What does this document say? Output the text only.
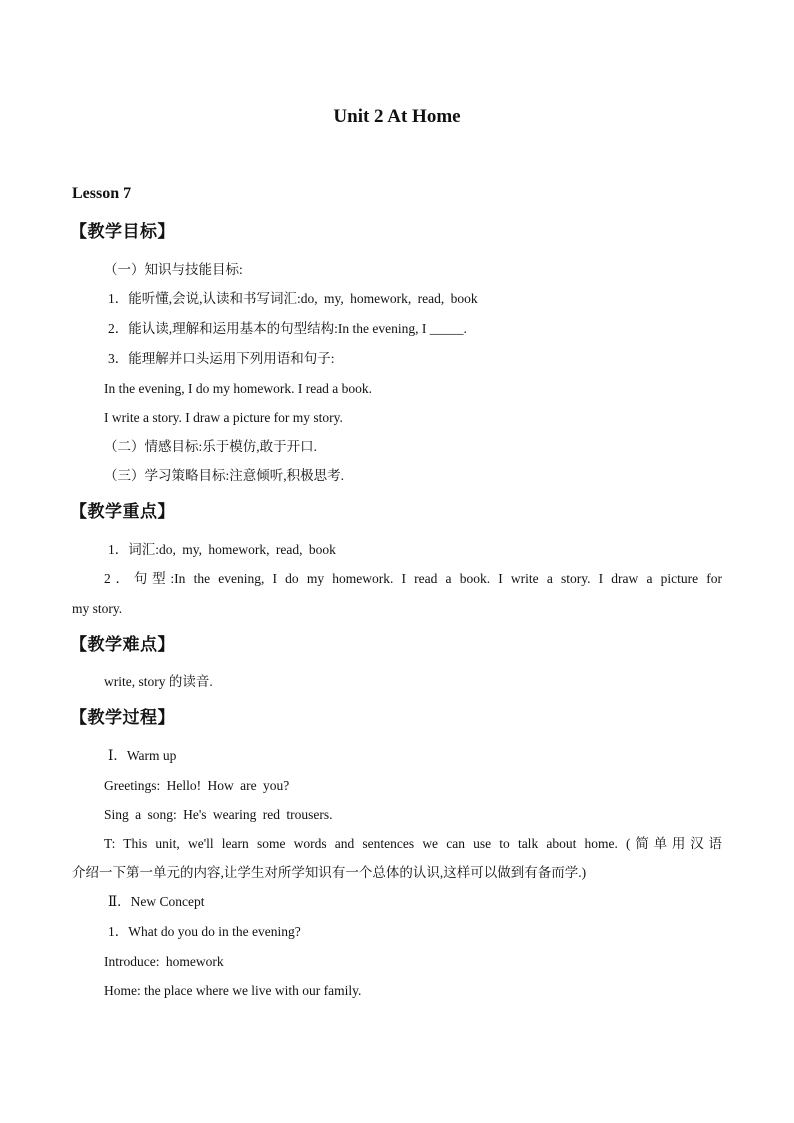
Unit 2 At Home
Lesson 7
【教学目标】
（一）知识与技能目标:
1．能听懂,会说,认读和书写词汇:do, my, homework, read, book
2．能认读,理解和运用基本的句型结构:In the evening, I _____.
3．能理解并口头运用下列用语和句子:
In the evening, I do my homework. I read a book.
I write a story. I draw a picture for my story.
（二）情感目标:乐于模仿,敢于开口.
（三）学习策略目标:注意倾听,积极思考.
【教学重点】
1．词汇:do, my, homework, read, book
2．句型:In the evening, I do my homework. I read a book. I write a story. I draw a picture for
my story.
【教学难点】
write, story 的读音.
【教学过程】
Ⅰ．Warm up
Greetings: Hello! How are you?
Sing a song: He's wearing red trousers.
T: This unit, we'll learn some words and sentences we can use to talk about home. (简单用汉语
介绍一下第一单元的内容,让学生对所学知识有一个总体的认识,这样可以做到有备而学.)
Ⅱ．New Concept
1．What do you do in the evening?
Introduce: homework
Home: the place where we live with our family.
